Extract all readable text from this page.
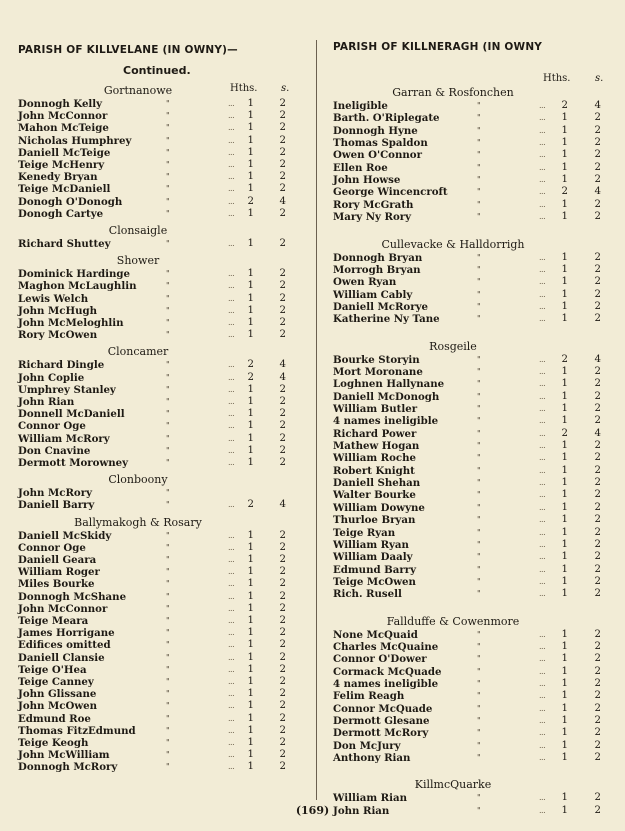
PARISH OF KILLVELANE (IN OWNY)—
Continued.
Hths. s.
Gortnanowe
Donnogh Kelly	"	...	1	2
John McConnor	"	...	1	2
Mahon McTeige	"	...	1	2
Nicholas Humphrey	"	...	1	2
Daniell McTeige	"	...	1	2
Teige McHenry	"	...	1	2
Kenedy Bryan	"	...	1	2
Teige McDaniell	"	...	1	2
Donogh O'Donogh	"	...	2	4
Donogh Cartye	"	...	1	2
Clonsaigle
Richard Shuttey	"	...	1	2
Shower
Dominick Hardinge	"	...	1	2
Maghon McLaughlin	"	...	1	2
Lewis Welch	"	...	1	2
John McHugh	"	...	1	2
John McMeloghlin	"	...	1	2
Rory McOwen	"	...	1	2
Cloncamer
Richard Dingle	"	...	2	4
John Coplie	"	...	2	4
Umphrey Stanley	"	...	1	2
John Rian	"	...	1	2
Donnell McDaniell	"	...	1	2
Connor Oge	"	...	1	2
William McRory	"	...	1	2
Don Cnavine	"	...	1	2
Dermott Morowney	"	...	1	2
Clonboony
John McRory	"
Daniell Barry	"	...	2	4
Ballymakogh & Rosary
Daniell McSkidy	"	...	1	2
Connor Oge	"	...	1	2
Daniell Geara	"	...	1	2
William Roger	"	...	1	2
Miles Bourke	"	...	1	2
Donnogh McShane	"	...	1	2
John McConnor	"	...	1	2
Teige Meara	"	...	1	2
James Horrigane	"	...	1	2
Edifices omitted	"	...	1	2
Daniell Clansie	"	...	1	2
Teige O'Hea	"	...	1	2
Teige Canney	"	...	1	2
John Glissane	"	...	1	2
John McOwen	"	...	1	2
Edmund Roe	"	...	1	2
Thomas FitzEdmund	"	...	1	2
Teige Keogh	"	...	1	2
John McWilliam	"	...	1	2
Donnogh McRory	"	...	1	2
PARISH OF KILLNERAGH (IN OWNY
Hths. s.
Garran & Rosfonchen
Ineligible	"	...	2	4
Barth. O'Riplegate	"	...	1	2
Donnogh Hyne	"	...	1	2
Thomas Spaldon	"	...	1	2
Owen O'Connor	"	...	1	2
Ellen Roe	"	...	1	2
John Howse	"	...	1	2
George Wincencroft	"	...	2	4
Rory McGrath	"	...	1	2
Mary Ny Rory	"	...	1	2
Cullevacke & Halldorrigh
Donnogh Bryan	"	...	1	2
Morrogh Bryan	"	...	1	2
Owen Ryan	"	...	1	2
William Cably	"	...	1	2
Daniell McRorye	"	...	1	2
Katherine Ny Tane	"	...	1	2
Rosgeile
Bourke Storyin	"	...	2	4
Mort Moronane	"	...	1	2
Loghnen Hallynane	"	...	1	2
Daniell McDonogh	"	...	1	2
William Butler	"	...	1	2
4 names ineligible	"	...	1	2
Richard Power	"	...	2	4
Mathew Hogan	"	...	1	2
William Roche	"	...	1	2
Robert Knight	"	...	1	2
Daniell Shehan	"	...	1	2
Walter Bourke	"	...	1	2
William Dowyne	"	...	1	2
Thurloe Bryan	"	...	1	2
Teige Ryan	"	...	1	2
William Ryan	"	...	1	2
William Daaly	"	...	1	2
Edmund Barry	"	...	1	2
Teige McOwen	"	...	1	2
Rich. Rusell	"	...	1	2
Fallduffe & Cowenmore
None McQuaid	"	...	1	2
Charles McQuaine	"	...	1	2
Connor O'Dower	"	...	1	2
Cormack McQuade	"	...	1	2
4 names ineligible	"	...	1	2
Felim Reagh	"	...	1	2
Connor McQuade	"	...	1	2
Dermott Glesane	"	...	1	2
Dermott McRory	"	...	1	2
Don McJury	"	...	1	2
Anthony Rian	"	...	1	2
KillmcQuarke
William Rian	"	...	1	2
John Rian	"	...	1	2
(169)
